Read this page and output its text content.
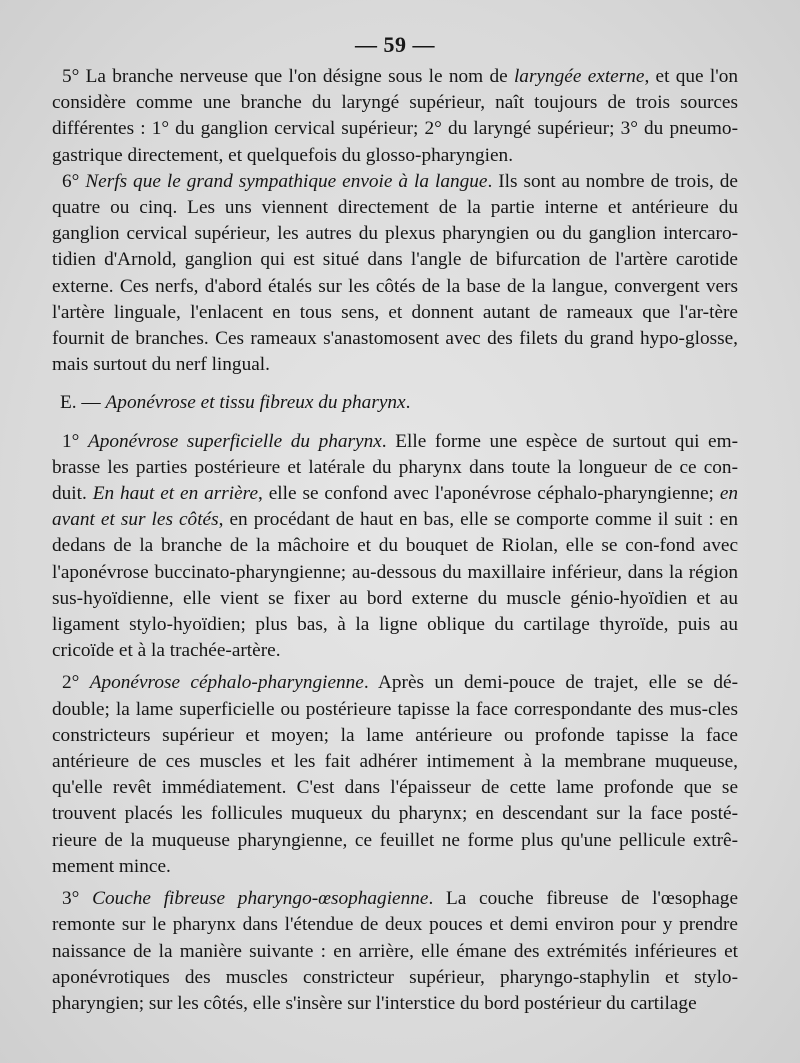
— 59 —

5° La branche nerveuse que l'on désigne sous le nom de laryngée externe, et que l'on considère comme une branche du laryngé supérieur, naît toujours de trois sources différentes : 1° du ganglion cervical supérieur; 2° du laryngé supérieur; 3° du pneumo-gastrique directement, et quelquefois du glosso-pharyngien.

6° Nerfs que le grand sympathique envoie à la langue. Ils sont au nombre de trois, de quatre ou cinq. Les uns viennent directement de la partie interne et antérieure du ganglion cervical supérieur, les autres du plexus pharyngien ou du ganglion intercaro-tidien d'Arnold, ganglion qui est situé dans l'angle de bifurcation de l'artère carotide externe. Ces nerfs, d'abord étalés sur les côtés de la base de la langue, convergent vers l'artère linguale, l'enlacent en tous sens, et donnent autant de rameaux que l'ar-tère fournit de branches. Ces rameaux s'anastomosent avec des filets du grand hypo-glosse, mais surtout du nerf lingual.

E. — Aponévrose et tissu fibreux du pharynx.

1° Aponévrose superficielle du pharynx. Elle forme une espèce de surtout qui em-brasse les parties postérieure et latérale du pharynx dans toute la longueur de ce con-duit. En haut et en arrière, elle se confond avec l'aponévrose céphalo-pharyngienne; en avant et sur les côtés, en procédant de haut en bas, elle se comporte comme il suit : en dedans de la branche de la mâchoire et du bouquet de Riolan, elle se con-fond avec l'aponévrose buccinato-pharyngienne; au-dessous du maxillaire inférieur, dans la région sus-hyoïdienne, elle vient se fixer au bord externe du muscle génio-hyoïdien et au ligament stylo-hyoïdien; plus bas, à la ligne oblique du cartilage thyroïde, puis au cricoïde et à la trachée-artère.

2° Aponévrose céphalo-pharyngienne. Après un demi-pouce de trajet, elle se dé-double; la lame superficielle ou postérieure tapisse la face correspondante des mus-cles constricteurs supérieur et moyen; la lame antérieure ou profonde tapisse la face antérieure de ces muscles et les fait adhérer intimement à la membrane muqueuse, qu'elle revêt immédiatement. C'est dans l'épaisseur de cette lame profonde que se trouvent placés les follicules muqueux du pharynx; en descendant sur la face posté-rieure de la muqueuse pharyngienne, ce feuillet ne forme plus qu'une pellicule extrê-mement mince.

3° Couche fibreuse pharyngo-œsophagienne. La couche fibreuse de l'œsophage remonte sur le pharynx dans l'étendue de deux pouces et demi environ pour y prendre naissance de la manière suivante : en arrière, elle émane des extrémités inférieures et aponévrotiques des muscles constricteur supérieur, pharyngo-staphylin et stylo-pharyngien; sur les côtés, elle s'insère sur l'interstice du bord postérieur du cartilage
